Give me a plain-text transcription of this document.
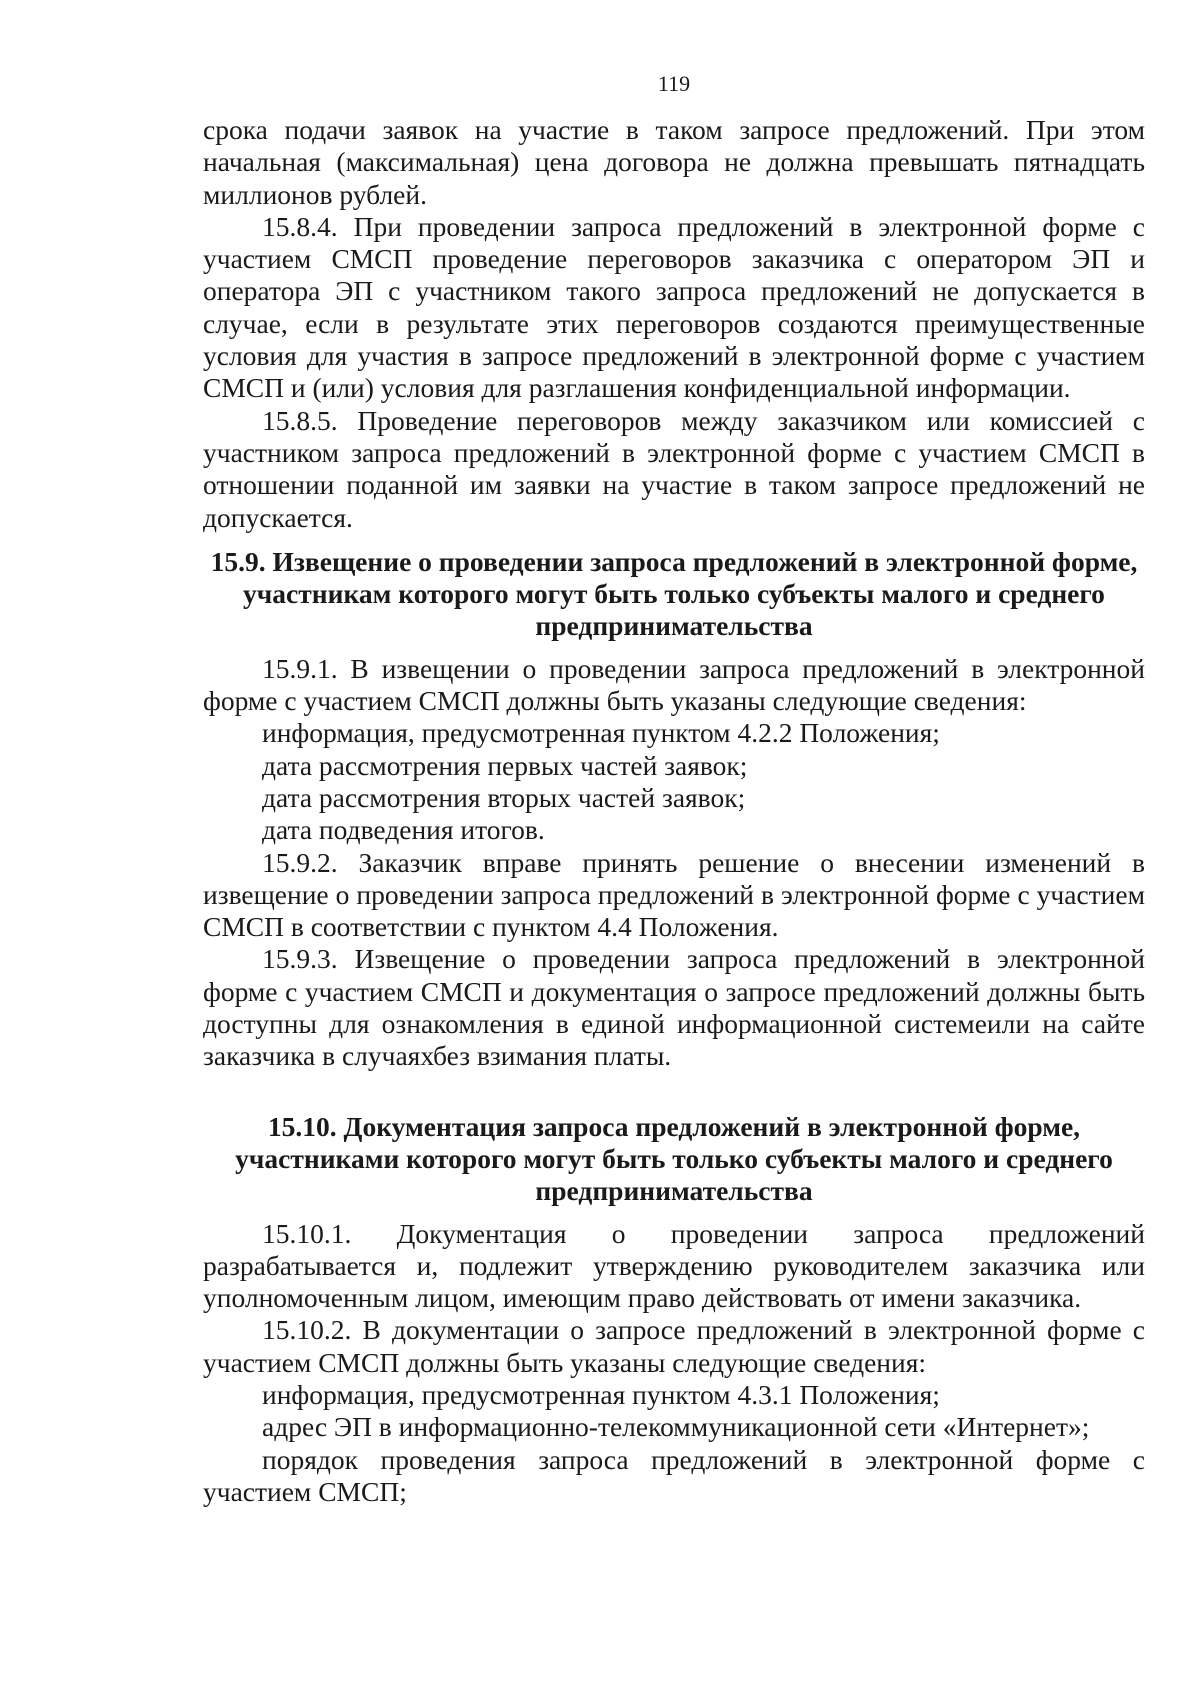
119

срока подачи заявок на участие в таком запросе предложений. При этом начальная (максимальная) цена договора не должна превышать пятнадцать миллионов рублей.

15.8.4. При проведении запроса предложений в электронной форме с участием СМСП проведение переговоров заказчика с оператором ЭП и оператора ЭП с участником такого запроса предложений не допускается в случае, если в результате этих переговоров создаются преимущественные условия для участия в запросе предложений в электронной форме с участием СМСП и (или) условия для разглашения конфиденциальной информации.

15.8.5. Проведение переговоров между заказчиком или комиссией с участником запроса предложений в электронной форме с участием СМСП в отношении поданной им заявки на участие в таком запросе предложений не допускается.

15.9. Извещение о проведении запроса предложений в электронной форме, участникам которого могут быть только субъекты малого и среднего предпринимательства

15.9.1. В извещении о проведении запроса предложений в электронной форме с участием СМСП должны быть указаны следующие сведения:

информация, предусмотренная пунктом 4.2.2 Положения;

дата рассмотрения первых частей заявок;

дата рассмотрения вторых частей заявок;

дата подведения итогов.

15.9.2. Заказчик вправе принять решение о внесении изменений в извещение о проведении запроса предложений в электронной форме с участием СМСП в соответствии с пунктом 4.4 Положения.

15.9.3. Извещение о проведении запроса предложений в электронной форме с участием СМСП и документация о запросе предложений должны быть доступны для ознакомления в единой информационной системеили на сайте заказчика в случаяхбез взимания платы.

15.10. Документация запроса предложений в электронной форме, участниками которого могут быть только субъекты малого и среднего предпринимательства

15.10.1. Документация о проведении запроса предложений разрабатывается и, подлежит утверждению руководителем заказчика или уполномоченным лицом, имеющим право действовать от имени заказчика.

15.10.2. В документации о запросе предложений в электронной форме с участием СМСП должны быть указаны следующие сведения:

информация, предусмотренная пунктом 4.3.1 Положения;

адрес ЭП в информационно-телекоммуникационной сети «Интернет»;

порядок проведения запроса предложений в электронной форме с участием СМСП;
